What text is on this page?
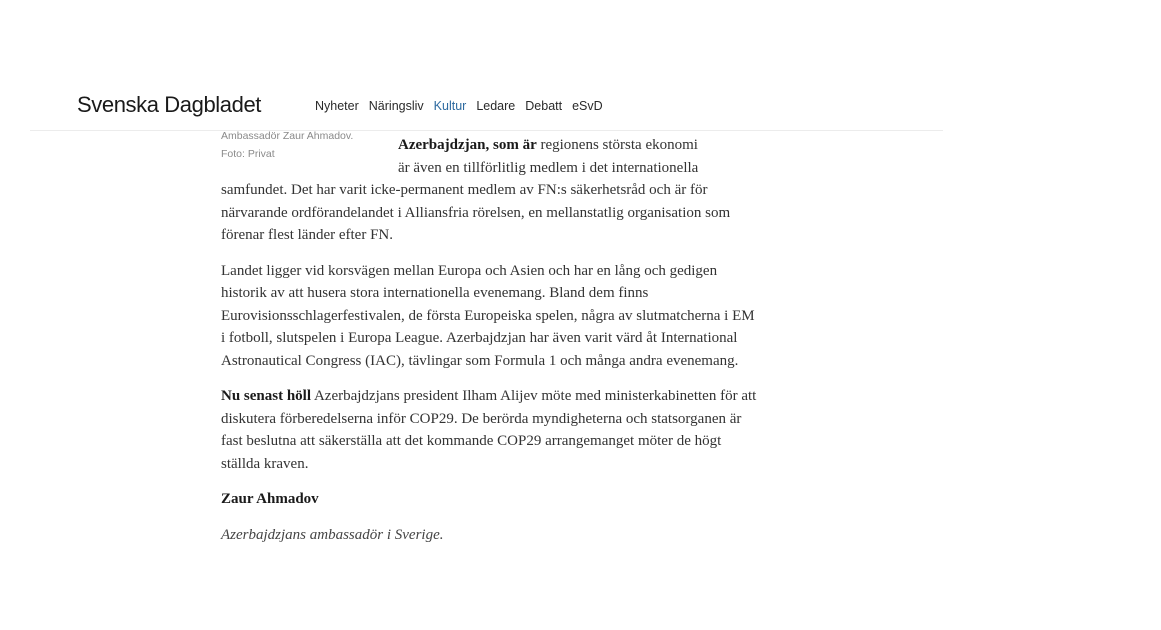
Svenska Dagbladet	Nyheter Näringsliv Kultur Ledare Debatt eSvD
Ambassadör Zaur Ahmadov.
Foto: Privat

Azerbajdzjan, som är regionens största ekonomi
är även en tillförlitlig medlem i det internationella
samfundet. Det har varit icke-permanent medlem av FN:s säkerhetsråd och är för närvarande ordförandelandet i Alliansfria rörelsen, en mellanstatlig organisation som förenar flest länder efter FN.

Landet ligger vid korsvägen mellan Europa och Asien och har en lång och gedigen historik av att husera stora internationella evenemang. Bland dem finns Eurovisionsschlagerfestivalen, de första Europeiska spelen, några av slutmatcherna i EM i fotboll, slutspelen i Europa League. Azerbajdzjan har även varit värd åt International Astronautical Congress (IAC), tävlingar som Formula 1 och många andra evenemang.

Nu senast höll Azerbajdzjans president Ilham Alijev möte med ministerkabinetten för att diskutera förberedelserna inför COP29. De berörda myndigheterna och statsorganen är fast beslutna att säkerställa att det kommande COP29 arrangemanget möter de högt ställda kraven.

Zaur Ahmadov

Azerbajdzjans ambassadör i Sverige.
